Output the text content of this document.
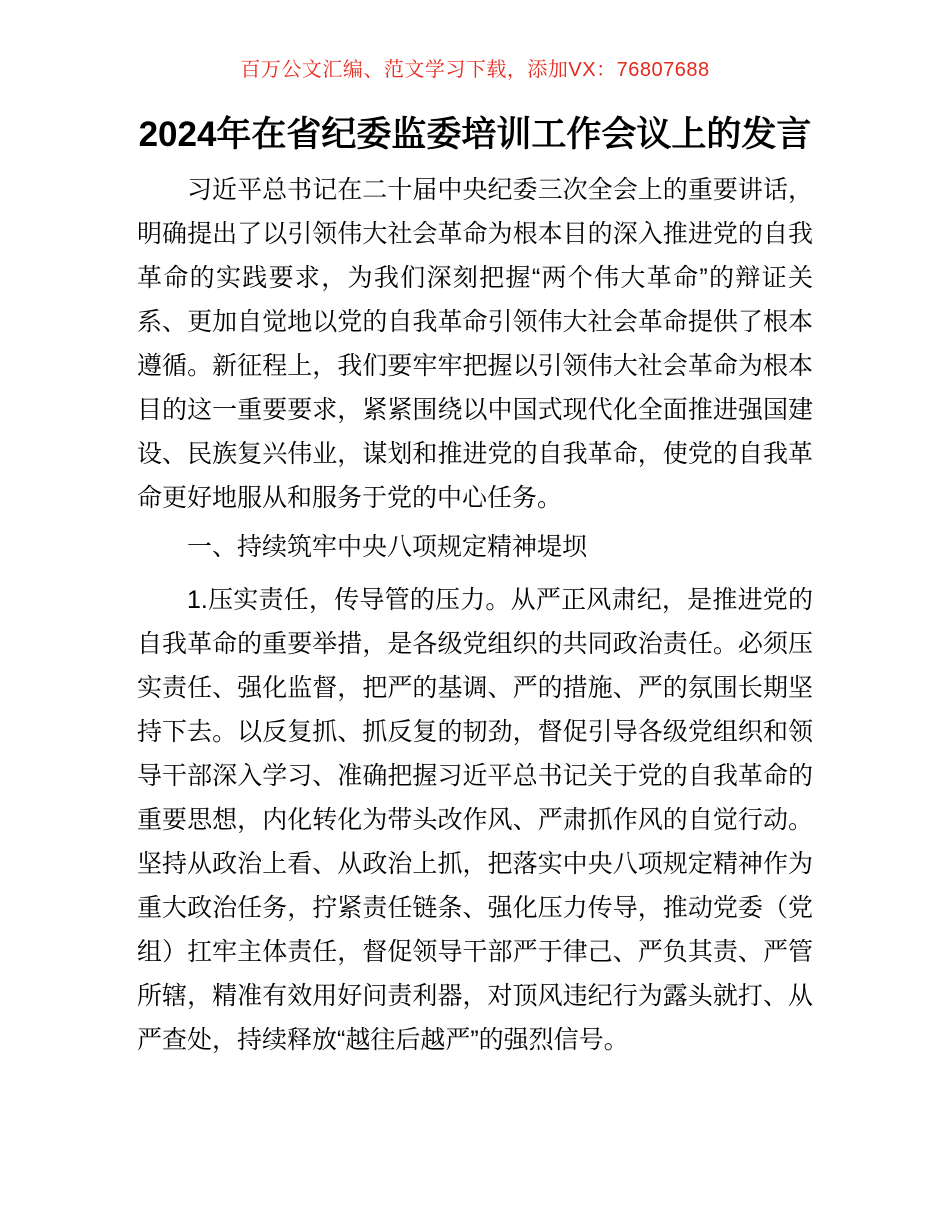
百万公文汇编、范文学习下载，添加VX：76807688
2024年在省纪委监委培训工作会议上的发言

习近平总书记在二十届中央纪委三次全会上的重要讲话，明确提出了以引领伟大社会革命为根本目的深入推进党的自我革命的实践要求，为我们深刻把握“两个伟大革命”的辩证关系、更加自觉地以党的自我革命引领伟大社会革命提供了根本遵循。新征程上，我们要牢牢把握以引领伟大社会革命为根本目的这一重要要求，紧紧围绕以中国式现代化全面推进强国建设、民族复兴伟业，谋划和推进党的自我革命，使党的自我革命更好地服从和服务于党的中心任务。

一、持续筑牢中央八项规定精神堤坝

1.压实责任，传导管的压力。从严正风肃纪，是推进党的自我革命的重要举措，是各级党组织的共同政治责任。必须压实责任、强化监督，把严的基调、严的措施、严的氛围长期坚持下去。以反复抓、抓反复的韧劲，督促引导各级党组织和领导干部深入学习、准确把握习近平总书记关于党的自我革命的重要思想，内化转化为带头改作风、严肃抓作风的自觉行动。坚持从政治上看、从政治上抓，把落实中央八项规定精神作为重大政治任务，拧紧责任链条、强化压力传导，推动党委（党组）扛牢主体责任，督促领导干部严于律己、严负其责、严管所辖，精准有效用好问责利器，对顶风违纪行为露头就打、从严查处，持续释放“越往后越严”的强烈信号。
